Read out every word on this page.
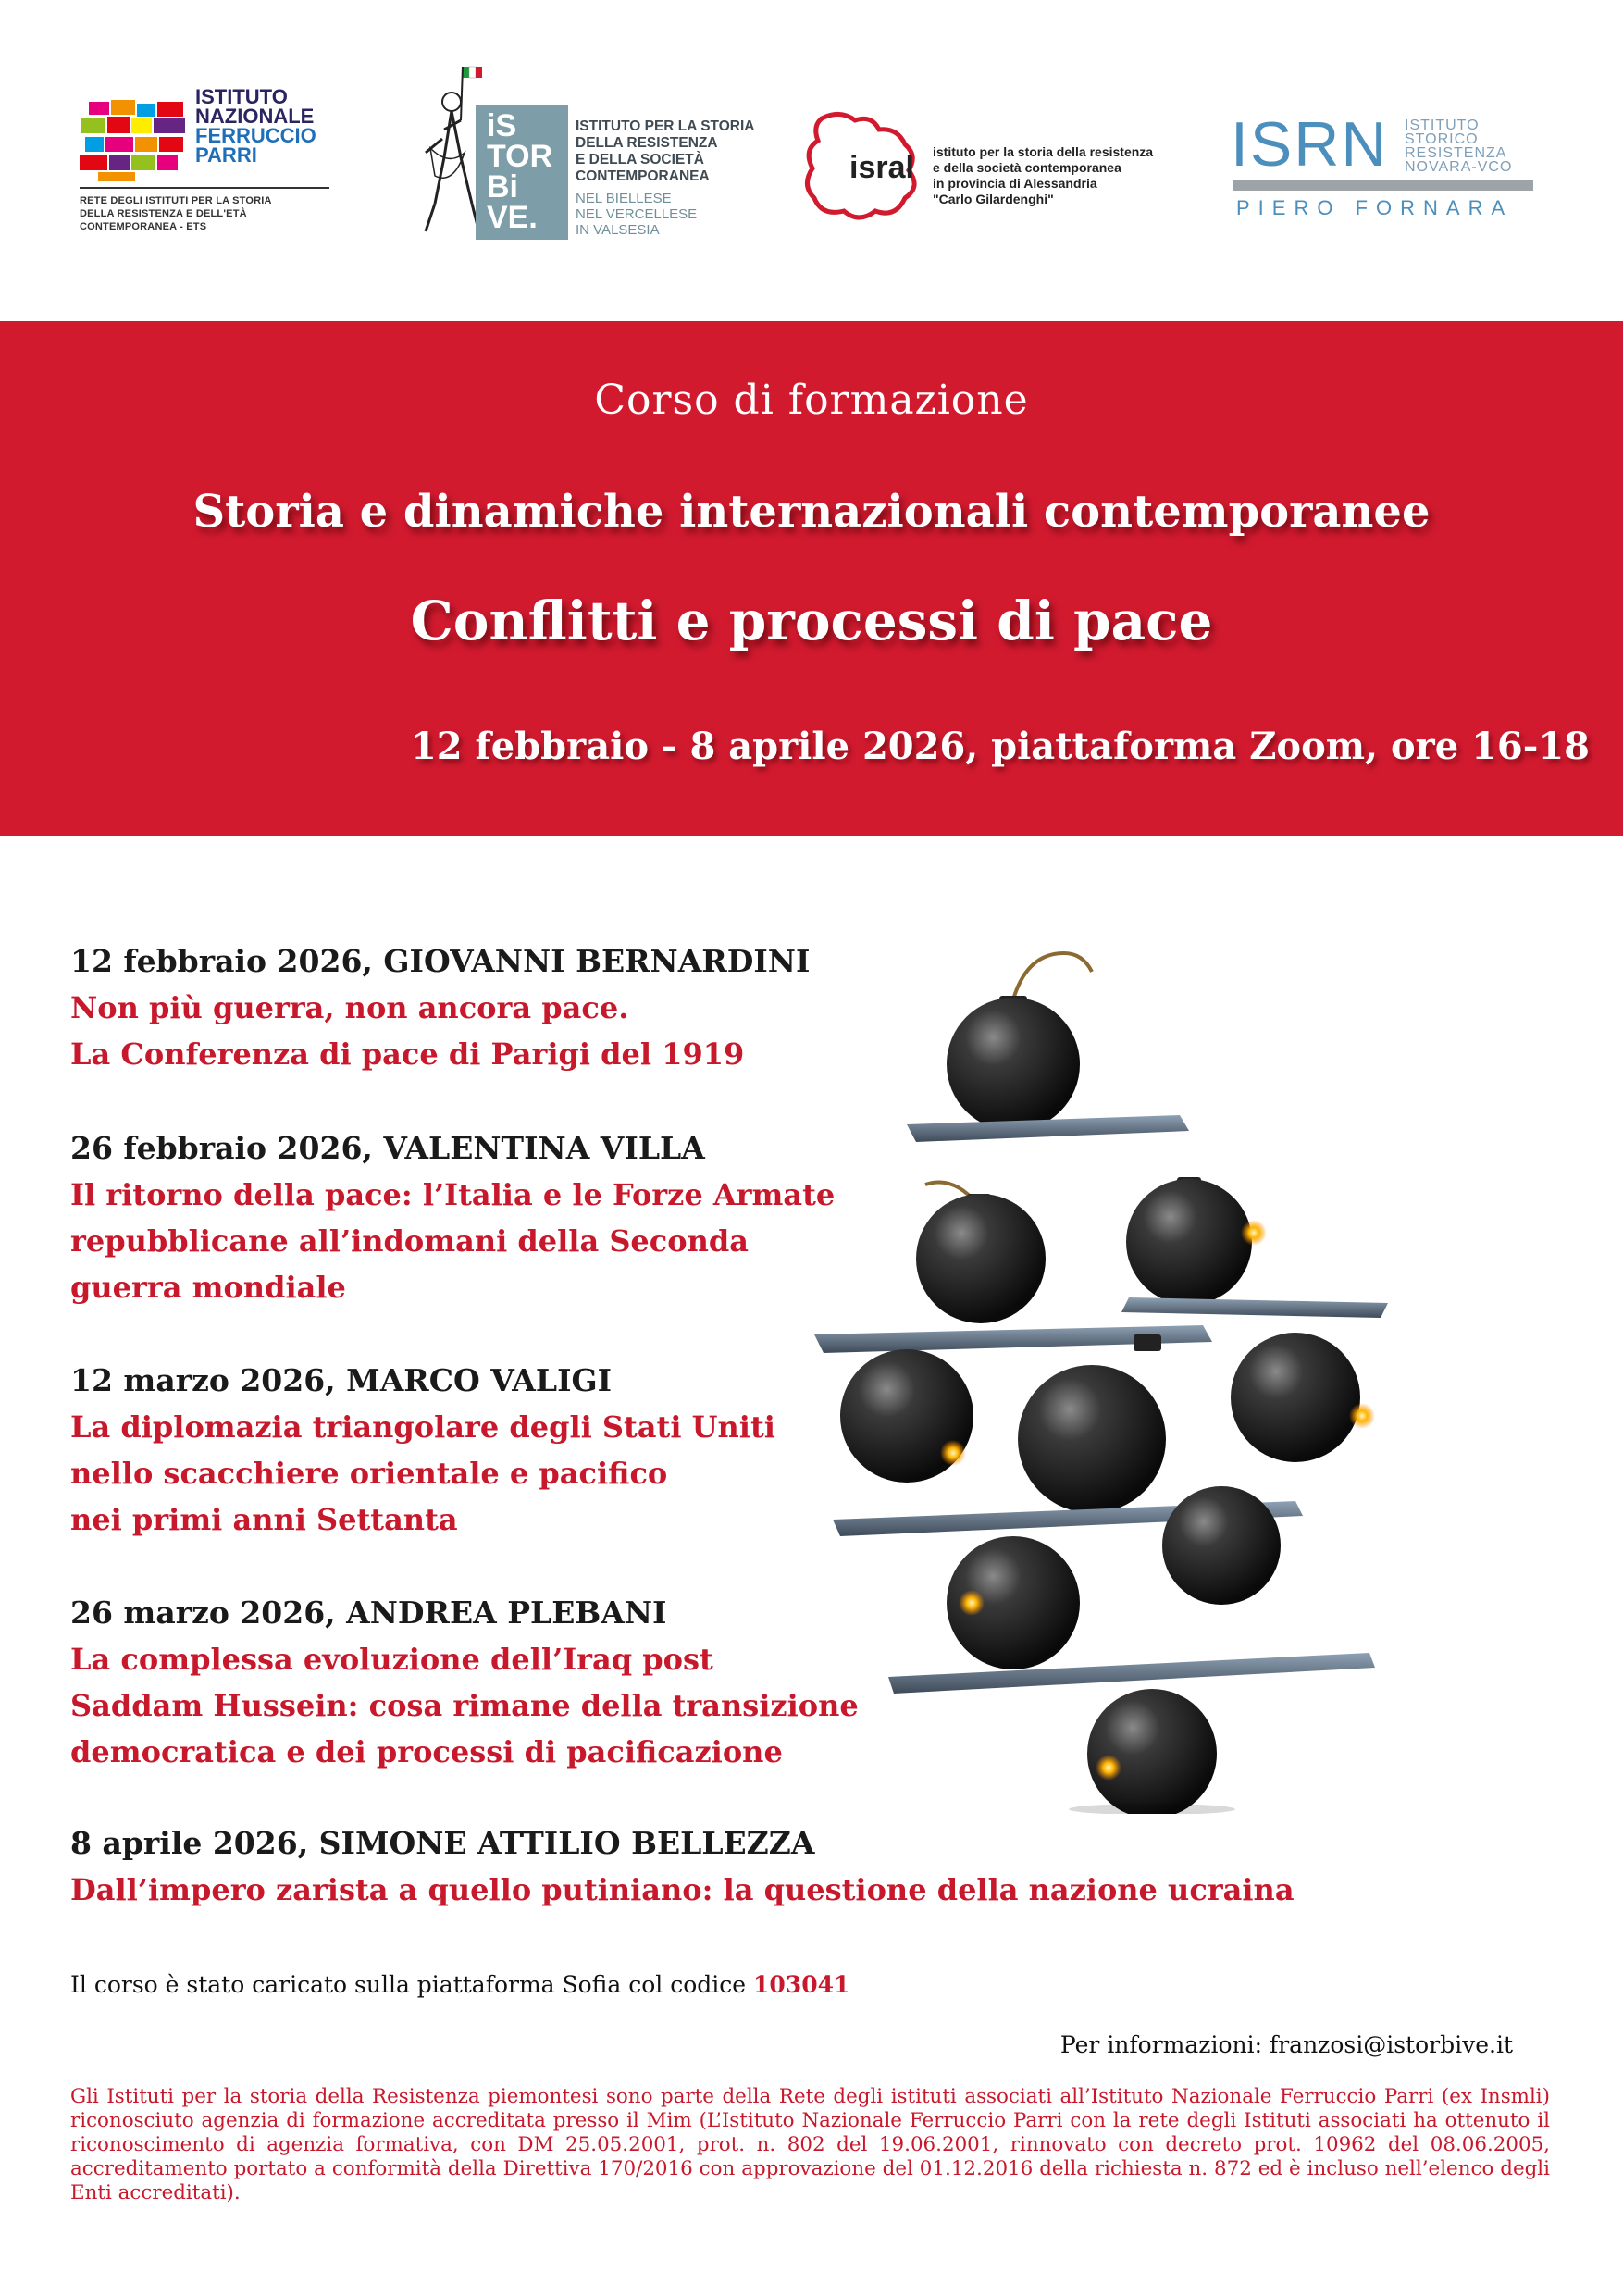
ISTITUTO
NAZIONALE
FERRUCCIO
PARRI
RETE DEGLI ISTITUTI PER LA STORIA
DELLA RESISTENZA E DELL'ETÀ
CONTEMPORANEA - ETS
iS
TOR
Bi
VE.
ISTITUTO PER LA STORIA
DELLA RESISTENZA
E DELLA SOCIETÀ
CONTEMPORANEA
NEL BIELLESE
NEL VERCELLESE
IN VALSESIA
isral istituto per la storia della resistenza
e della società contemporanea
in provincia di Alessandria
"Carlo Gilardenghi"
ISRN ISTITUTO
STORICO
RESISTENZA
NOVARA-VCO
PIERO FORNARA
Corso di formazione
Storia e dinamiche internazionali contemporanee
Conflitti e processi di pace
12 febbraio - 8 aprile 2026, piattaforma Zoom, ore 16-18
12 febbraio 2026, GIOVANNI BERNARDINI
Non più guerra, non ancora pace.
La Conferenza di pace di Parigi del 1919
26 febbraio 2026, VALENTINA VILLA
Il ritorno della pace: l’Italia e le Forze Armate
repubblicane all’indomani della Seconda
guerra mondiale
12 marzo 2026, MARCO VALIGI
La diplomazia triangolare degli Stati Uniti
nello scacchiere orientale e pacifico
nei primi anni Settanta
26 marzo 2026, ANDREA PLEBANI
La complessa evoluzione dell’Iraq post
Saddam Hussein: cosa rimane della transizione
democratica e dei processi di pacificazione
8 aprile 2026, SIMONE ATTILIO BELLEZZA
Dall’impero zarista a quello putiniano: la questione della nazione ucraina
Il corso è stato caricato sulla piattaforma Sofia col codice 103041
Per informazioni: franzosi@istorbive.it
Gli Istituti per la storia della Resistenza piemontesi sono parte della Rete degli istituti associati all’Istituto Nazionale Ferruccio Parri (ex Insmli) riconosciuto agenzia di formazione accreditata presso il Mim (L’Istituto Nazionale Ferruccio Parri con la rete degli Istituti associati ha ottenuto il riconoscimento di agenzia formativa, con DM 25.05.2001, prot. n. 802 del 19.06.2001, rinnovato con decreto prot. 10962 del 08.06.2005, accreditamento portato a conformità della Direttiva 170/2016 con approvazione del 01.12.2016 della richiesta n. 872 ed è incluso nell’elenco degli Enti accreditati).
